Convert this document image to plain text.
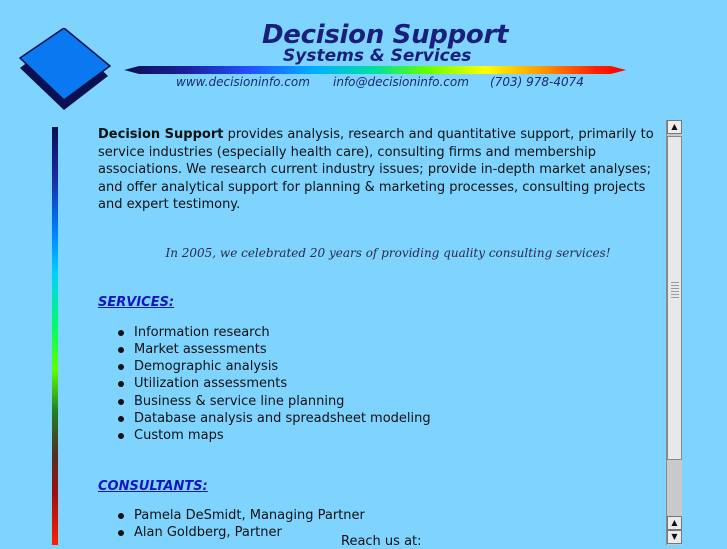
Decision Support
Systems & Services
www.decisioninfo.com info@decisioninfo.com (703) 978-4074

Decision Support provides analysis, research and quantitative support, primarily to service industries (especially health care), consulting firms and membership associations. We research current industry issues; provide in-depth market analyses; and offer analytical support for planning & marketing processes, consulting projects and expert testimony.

In 2005, we celebrated 20 years of providing quality consulting services!
SERVICES:
Information research
Market assessments
Demographic analysis
Utilization assessments
Business & service line planning
Database analysis and spreadsheet modeling
Custom maps
CONSULTANTS:
Pamela DeSmidt, Managing Partner
Alan Goldberg, Partner
Reach us at:
▲
▲
▼
